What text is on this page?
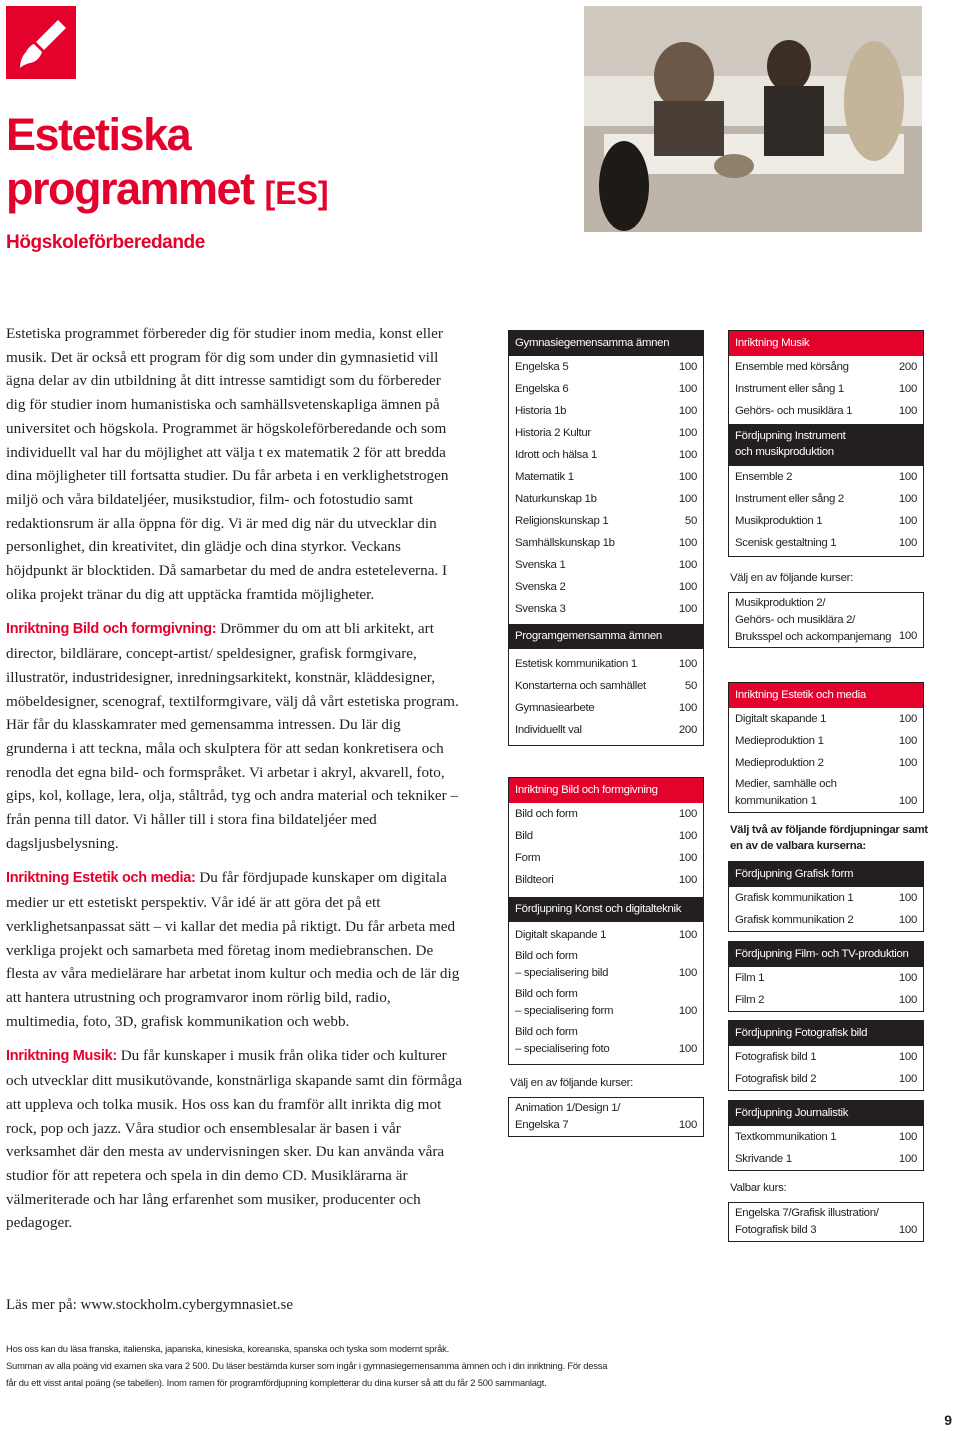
Estetiska
programmet [ES]
Högskoleförberedande

Estetiska programmet förbereder dig för studier inom media, konst eller musik. Det är också ett program för dig som under din gymnasietid vill ägna delar av din utbildning åt ditt intresse samtidigt som du förbereder dig för studier inom humanistiska och samhällsvetenskapliga ämnen på universitet och högskola. Programmet är högskoleförberedande och som individuellt val har du möjlighet att välja t ex matematik 2 för att bredda dina möjligheter till fortsatta studier. Du får arbeta i en verklighetstrogen miljö och våra bildateljéer, musikstudior, film- och fotostudio samt redaktionsrum är alla öppna för dig. Vi är med dig när du utvecklar din personlighet, din kreativitet, din glädje och dina styrkor. Veckans höjdpunkt är blocktiden. Då samarbetar du med de andra esteteleverna. I olika projekt tränar du dig att upptäcka framtida möjligheter.

Inriktning Bild och formgivning: Drömmer du om att bli arkitekt, art director, bildlärare, concept-artist/ speldesigner, grafisk formgivare, illustratör, industridesigner, inredningsarkitekt, konstnär, kläddesigner, möbeldesigner, scenograf, textilformgivare, välj då vårt estetiska program. Här får du klasskamrater med gemensamma intressen. Du lär dig grunderna i att teckna, måla och skulptera för att sedan konkretisera och renodla det egna bild- och formspråket. Vi arbetar i akryl, akvarell, foto, gips, kol, kollage, lera, olja, ståltråd, tyg och andra material och tekniker – från penna till dator. Vi håller till i stora fina bildateljéer med dagsljusbelysning.

Inriktning Estetik och media: Du får fördjupade kunskaper om digitala medier ur ett estetiskt perspektiv. Vår idé är att göra det på ett verklighetsanpassat sätt – vi kallar det media på riktigt. Du får arbeta med verkliga projekt och samarbeta med företag inom mediebranschen. De flesta av våra medielärare har arbetat inom kultur och media och de lär dig att hantera utrustning och programvaror inom rörlig bild, radio, multimedia, foto, 3D, grafisk kommunikation och webb.

Inriktning Musik: Du får kunskaper i musik från olika tider och kulturer och utvecklar ditt musikutövande, konstnärliga skapande samt din förmåga att uppleva och tolka musik. Hos oss kan du framför allt inrikta dig mot rock, pop och jazz. Våra studior och ensemblesalar är basen i vår verksamhet där den mesta av undervisningen sker. Du kan använda våra studior för att repetera och spela in din demo CD. Musiklärarna är välmeriterade och har lång erfarenhet som musiker, producenter och pedagoger.

Läs mer på: www.stockholm.cybergymnasiet.se
Hos oss kan du läsa franska, italienska, japanska, kinesiska, koreanska, spanska och tyska som modernt språk.
Summan av alla poäng vid examen ska vara 2 500. Du läser bestämda kurser som ingår i gymnasiegemensamma ämnen och i din inriktning. För dessa
får du ett visst antal poäng (se tabellen). Inom ramen för programfördjupning kompletterar du dina kurser så att du får 2 500 sammanlagt.
9
Gymnasiegemensamma ämnen
Engelska 5	100
Engelska 6	100
Historia 1b	100
Historia 2 Kultur	100
Idrott och hälsa 1	100
Matematik 1	100
Naturkunskap 1b	100
Religionskunskap 1	50
Samhällskunskap 1b	100
Svenska 1	100
Svenska 2	100
Svenska 3	100
Programgemensamma ämnen
Estetisk kommunikation 1	100
Konstarterna och samhället	50
Gymnasiearbete	100
Individuellt val	200
Inriktning Bild och formgivning
Bild och form	100
Bild	100
Form	100
Bildteori	100
Fördjupning Konst och digitalteknik
Digitalt skapande 1	100
Bild och form
– specialisering bild	100
Bild och form
– specialisering form	100
Bild och form
– specialisering foto	100
Välj en av följande kurser:
Animation 1/Design 1/
Engelska 7	100
Inriktning Musik
Ensemble med körsång	200
Instrument eller sång 1	100
Gehörs- och musiklära 1	100
Fördjupning Instrument
och musikproduktion
Ensemble 2	100
Instrument eller sång 2	100
Musikproduktion 1	100
Scenisk gestaltning 1	100
Välj en av följande kurser:
Musikproduktion 2/
Gehörs- och musiklära 2/
Bruksspel och ackompanjemang 100
Inriktning Estetik och media
Digitalt skapande 1	100
Medieproduktion 1	100
Medieproduktion 2	100
Medier, samhälle och
kommunikation 1	100
Välj två av följande fördjupningar samt en av de valbara kurserna:
Fördjupning Grafisk form
Grafisk kommunikation 1	100
Grafisk kommunikation 2	100
Fördjupning Film- och TV-produktion
Film 1	100
Film 2	100
Fördjupning Fotografisk bild
Fotografisk bild 1	100
Fotografisk bild 2	100
Fördjupning Journalistik
Textkommunikation 1	100
Skrivande 1	100
Valbar kurs:
Engelska 7/Grafisk illustration/
Fotografisk bild 3	100
